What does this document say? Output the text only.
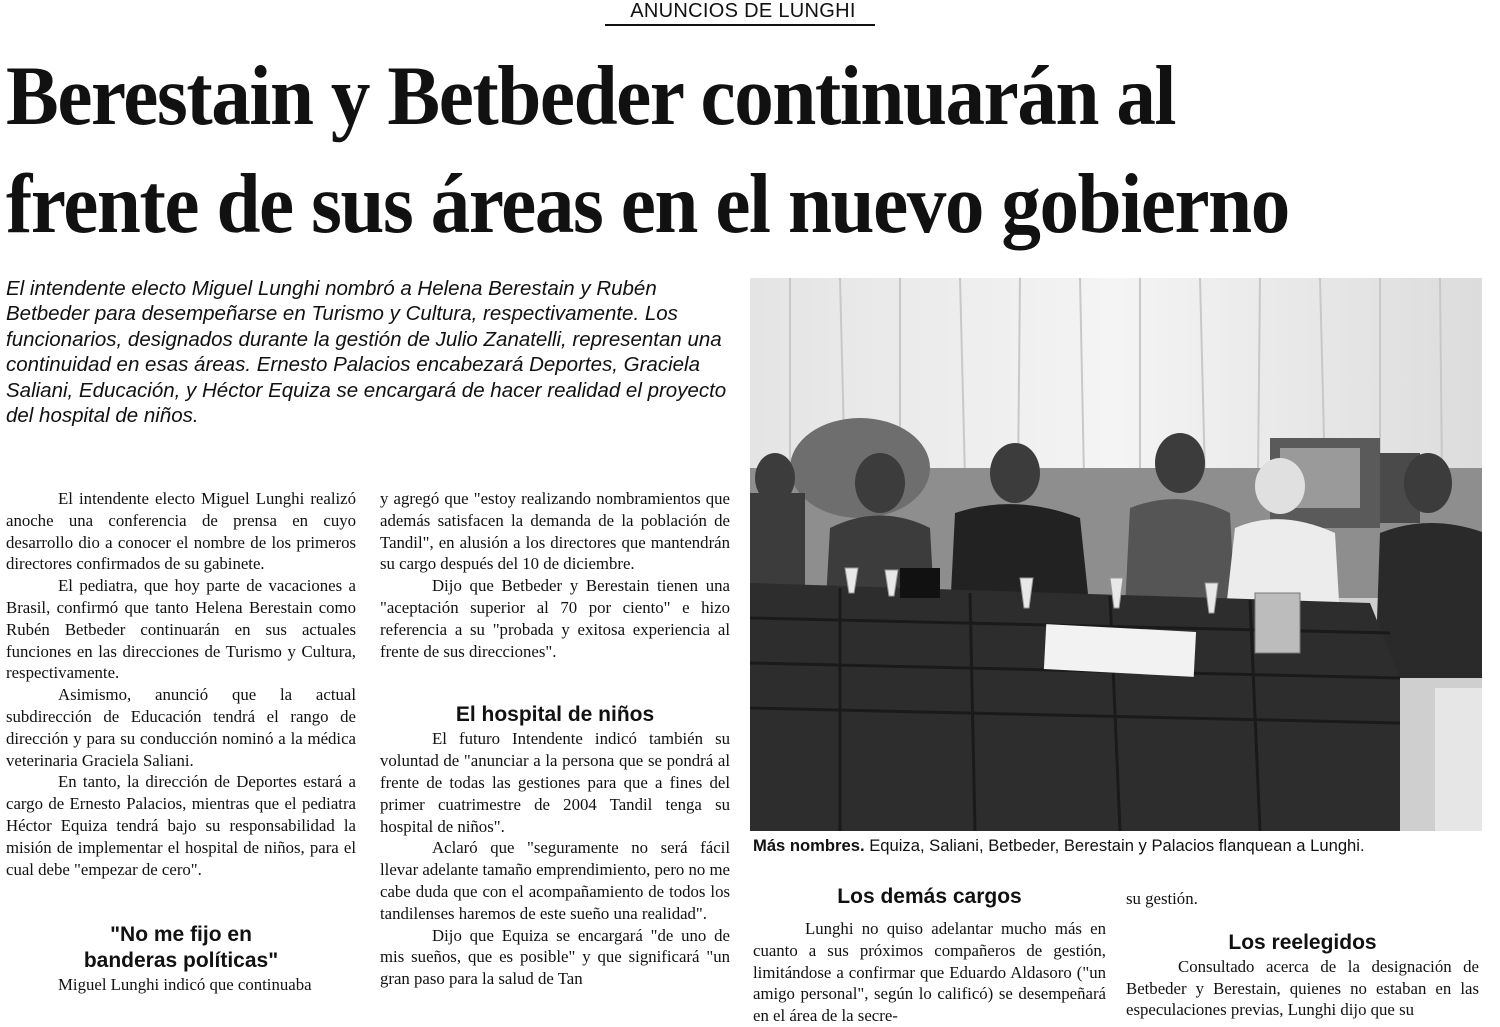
ANUNCIOS DE LUNGHI
Berestain y Betbeder continuarán al
frente de sus áreas en el nuevo gobierno

El intendente electo Miguel Lunghi nombró a Helena Berestain y Rubén Betbeder para desempeñarse en Turismo y Cultura, respectivamente. Los funcionarios, designados durante la gestión de Julio Zanatelli, representan una continuidad en esas áreas. Ernesto Palacios encabezará Deportes, Graciela Saliani, Educación, y Héctor Equiza se encargará de hacer realidad el proyecto del hospital de niños.

El intendente electo Miguel Lunghi realizó anoche una conferencia de prensa en cuyo desarrollo dio a conocer el nombre de los primeros directores confirmados de su gabinete.

El pediatra, que hoy parte de vacaciones a Brasil, confirmó que tanto Helena Berestain como Rubén Betbeder continuarán en sus actuales funciones en las direcciones de Turismo y Cultura, respectivamente.

Asimismo, anunció que la actual subdirección de Educación tendrá el rango de dirección y para su conducción nominó a la médica veterinaria Graciela Saliani.

En tanto, la dirección de Deportes estará a cargo de Ernesto Palacios, mientras que el pediatra Héctor Equiza tendrá bajo su responsabilidad la misión de implementar el hospital de niños, para el cual debe "empezar de cero".

"No me fijo en
banderas políticas"

Miguel Lunghi indicó que continuaba

y agregó que "estoy realizando nombramientos que además satisfacen la demanda de la población de Tandil", en alusión a los directores que mantendrán su cargo después del 10 de diciembre.

Dijo que Betbeder y Berestain tienen una "aceptación superior al 70 por ciento" e hizo referencia a su "probada y exitosa experiencia al frente de sus direcciones".

El hospital de niños

El futuro Intendente indicó también su voluntad de "anunciar a la persona que se pondrá al frente de todas las gestiones para que a fines del primer cuatrimestre de 2004 Tandil tenga su hospital de niños".

Aclaró que "seguramente no será fácil llevar adelante tamaño emprendimiento, pero no me cabe duda que con el acompañamiento de todos los tandilenses haremos de este sueño una realidad".

Dijo que Equiza se encargará "de uno de mis sueños, que es posible" y que significará "un gran paso para la salud de Tan

Más nombres. Equiza, Saliani, Betbeder, Berestain y Palacios flanquean a Lunghi.

Los demás cargos

Lunghi no quiso adelantar mucho más en cuanto a sus próximos compañeros de gestión, limitándose a confirmar que Eduardo Aldasoro ("un amigo personal", según lo calificó) se desempeñará en el área de la secre-

su gestión.

Los reelegidos

Consultado acerca de la designación de Betbeder y Berestain, quienes no estaban en las especulaciones previas, Lunghi dijo que su
